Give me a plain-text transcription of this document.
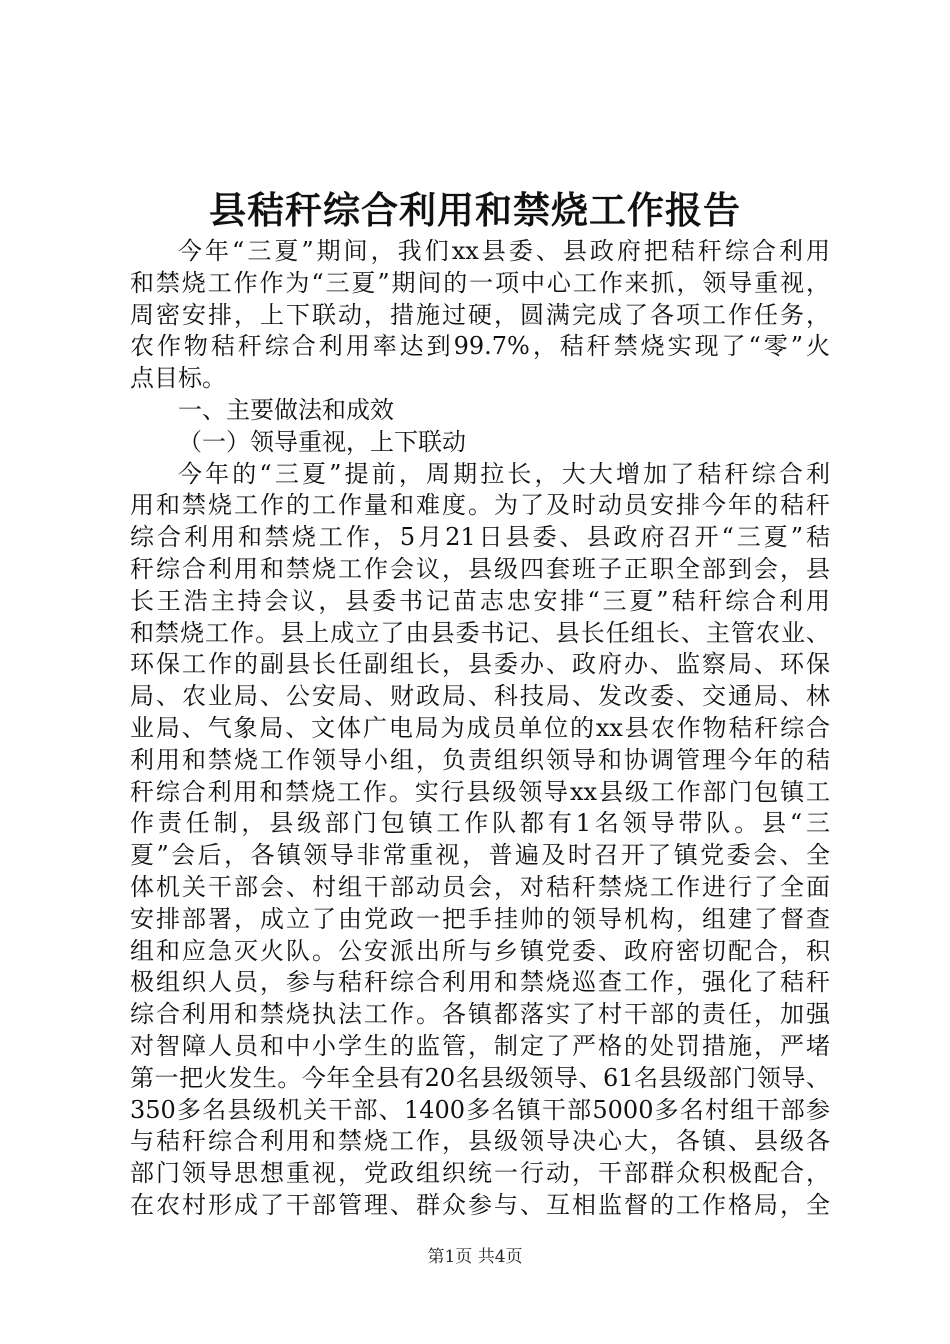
县秸秆综合利用和禁烧工作报告
今年“三夏”期间，我们xx县委、县政府把秸秆综合利用
和禁烧工作作为“三夏”期间的一项中心工作来抓，领导重视，
周密安排，上下联动，措施过硬，圆满完成了各项工作任务，
农作物秸秆综合利用率达到99.7%，秸秆禁烧实现了“零”火
点目标。
一、主要做法和成效
（一）领导重视，上下联动
今年的“三夏”提前，周期拉长，大大增加了秸秆综合利
用和禁烧工作的工作量和难度。为了及时动员安排今年的秸秆
综合利用和禁烧工作，5月21日县委、县政府召开“三夏”秸
秆综合利用和禁烧工作会议，县级四套班子正职全部到会，县
长王浩主持会议，县委书记苗志忠安排“三夏”秸秆综合利用
和禁烧工作。县上成立了由县委书记、县长任组长、主管农业、
环保工作的副县长任副组长，县委办、政府办、监察局、环保
局、农业局、公安局、财政局、科技局、发改委、交通局、林
业局、气象局、文体广电局为成员单位的xx县农作物秸秆综合
利用和禁烧工作领导小组，负责组织领导和协调管理今年的秸
秆综合利用和禁烧工作。实行县级领导xx县级工作部门包镇工
作责任制，县级部门包镇工作队都有1名领导带队。县“三
夏”会后，各镇领导非常重视，普遍及时召开了镇党委会、全
体机关干部会、村组干部动员会，对秸秆禁烧工作进行了全面
安排部署，成立了由党政一把手挂帅的领导机构，组建了督查
组和应急灭火队。公安派出所与乡镇党委、政府密切配合，积
极组织人员，参与秸秆综合利用和禁烧巡查工作，强化了秸秆
综合利用和禁烧执法工作。各镇都落实了村干部的责任，加强
对智障人员和中小学生的监管，制定了严格的处罚措施，严堵
第一把火发生。今年全县有20名县级领导、61名县级部门领导、
350多名县级机关干部、1400多名镇干部5000多名村组干部参
与秸秆综合利用和禁烧工作，县级领导决心大，各镇、县级各
部门领导思想重视，党政组织统一行动，干部群众积极配合，
在农村形成了干部管理、群众参与、互相监督的工作格局，全
第1页 共4页
